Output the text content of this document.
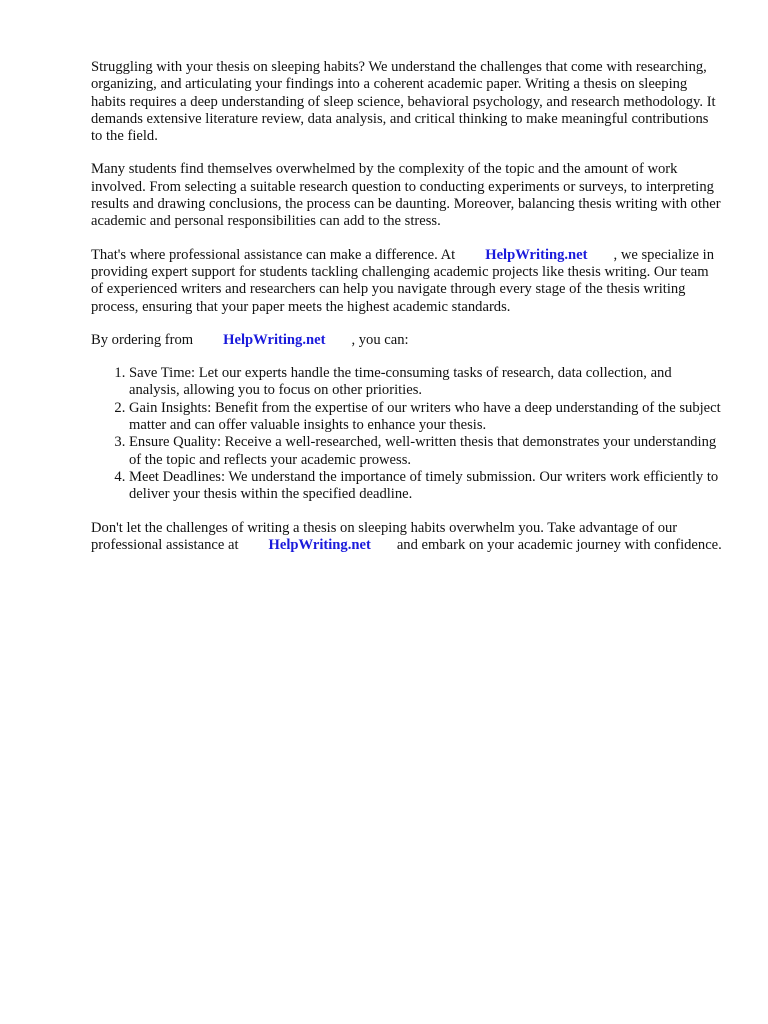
Struggling with your thesis on sleeping habits? We understand the challenges that come with researching, organizing, and articulating your findings into a coherent academic paper. Writing a thesis on sleeping habits requires a deep understanding of sleep science, behavioral psychology, and research methodology. It demands extensive literature review, data analysis, and critical thinking to make meaningful contributions to the field.

Many students find themselves overwhelmed by the complexity of the topic and the amount of work involved. From selecting a suitable research question to conducting experiments or surveys, to interpreting results and drawing conclusions, the process can be daunting. Moreover, balancing thesis writing with other academic and personal responsibilities can add to the stress.

That's where professional assistance can make a difference. At HelpWriting.net , we specialize in providing expert support for students tackling challenging academic projects like thesis writing. Our team of experienced writers and researchers can help you navigate through every stage of the thesis writing process, ensuring that your paper meets the highest academic standards.

By ordering from HelpWriting.net , you can:

1. Save Time: Let our experts handle the time-consuming tasks of research, data collection, and analysis, allowing you to focus on other priorities.
2. Gain Insights: Benefit from the expertise of our writers who have a deep understanding of the subject matter and can offer valuable insights to enhance your thesis.
3. Ensure Quality: Receive a well-researched, well-written thesis that demonstrates your understanding of the topic and reflects your academic prowess.
4. Meet Deadlines: We understand the importance of timely submission. Our writers work efficiently to deliver your thesis within the specified deadline.

Don't let the challenges of writing a thesis on sleeping habits overwhelm you. Take advantage of our professional assistance at HelpWriting.net and embark on your academic journey with confidence.
